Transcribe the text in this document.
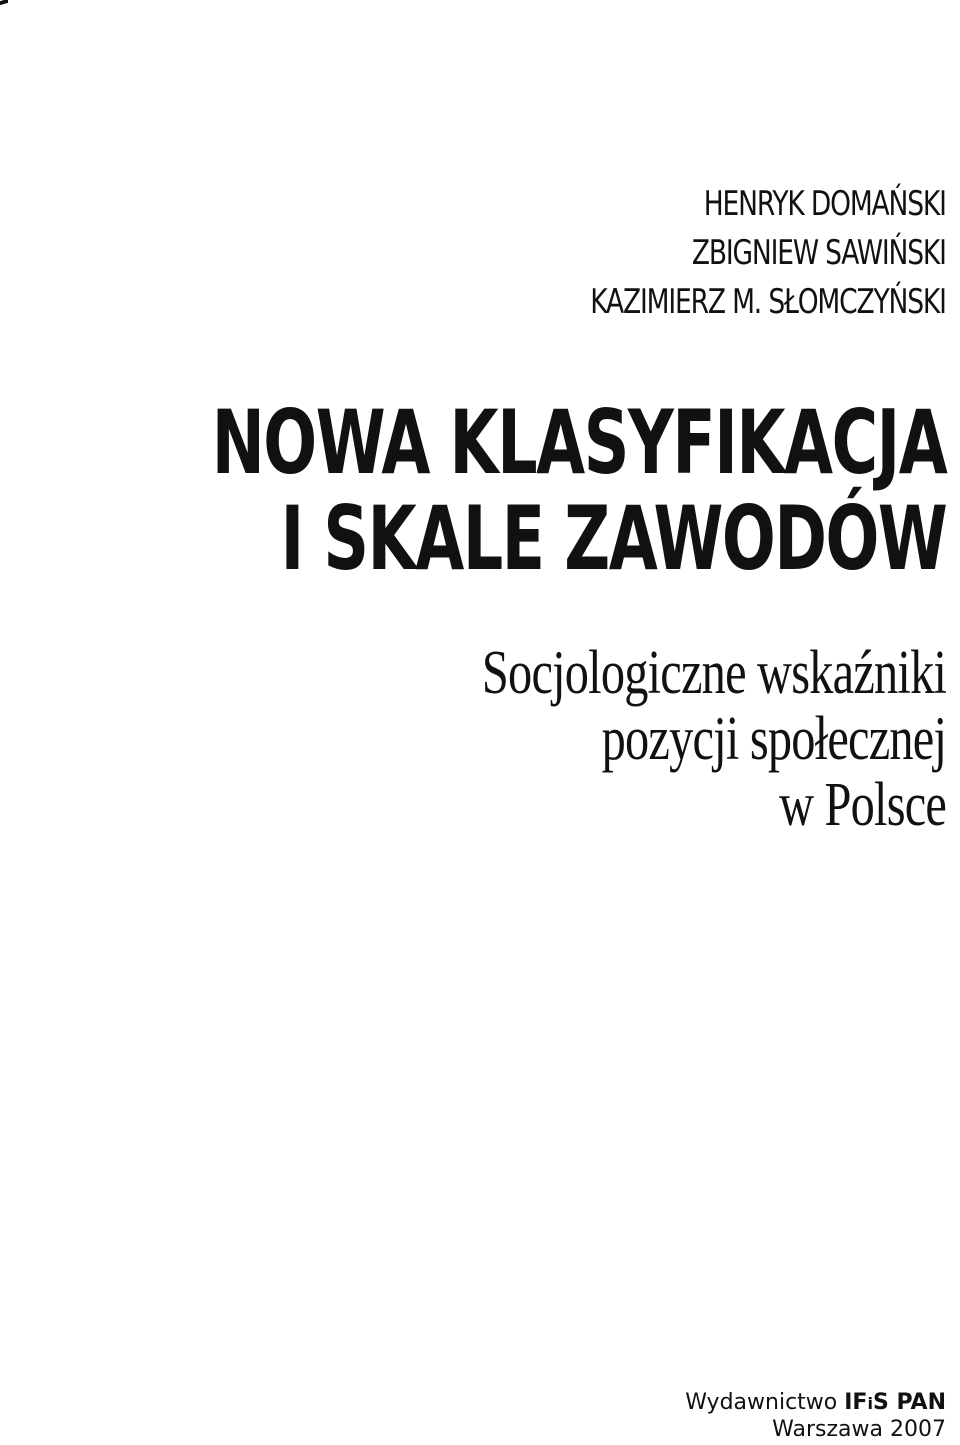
HENRYK DOMAŃSKI
ZBIGNIEW SAWIŃSKI
KAZIMIERZ M. SŁOMCZYŃSKI
NOWA KLASYFIKACJA
I SKALE ZAWODÓW
Socjologiczne wskaźniki
pozycji społecznej
w Polsce
Wydawnictwo IFiS PAN
Warszawa 2007
